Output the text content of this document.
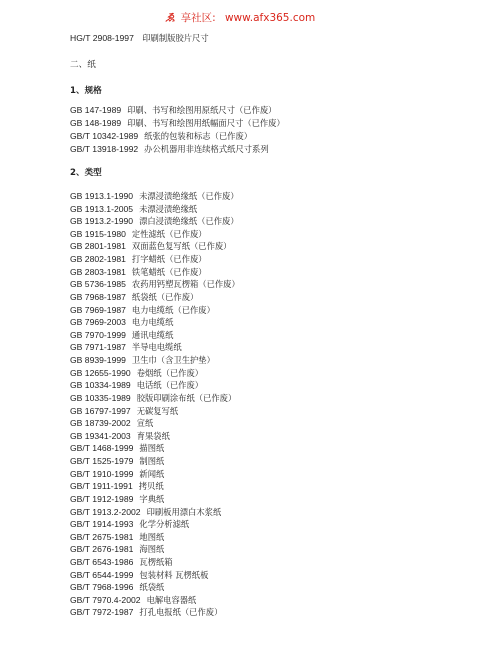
ゑ 享社区: www.afx365.com
HG/T 2908-1997 印刷制版胶片尺寸
二、纸
1、规格
GB 147-1989 印刷、书写和绘图用原纸尺寸（已作废）
GB 148-1989 印刷、书写和绘图用纸幅面尺寸（已作废）
GB/T 10342-1989 纸张的包装和标志（已作废）
GB/T 13918-1992 办公机器用非连续格式纸尺寸系列
2、类型
GB 1913.1-1990 未漂浸渍绝缘纸（已作废）
GB 1913.1-2005 未漂浸渍绝缘纸
GB 1913.2-1990 漂白浸渍绝缘纸（已作废）
GB 1915-1980 定性滤纸（已作废）
GB 2801-1981 双面蓝色复写纸（已作废）
GB 2802-1981 打字蜡纸（已作废）
GB 2803-1981 铁笔蜡纸（已作废）
GB 5736-1985 农药用钙塑瓦楞箱（已作废）
GB 7968-1987 纸袋纸（已作废）
GB 7969-1987 电力电缆纸（已作废）
GB 7969-2003 电力电缆纸
GB 7970-1999 通讯电缆纸
GB 7971-1987 半导电电缆纸
GB 8939-1999 卫生巾（含卫生护垫）
GB 12655-1990 卷烟纸（已作废）
GB 10334-1989 电话纸（已作废）
GB 10335-1989 胶版印刷涂布纸（已作废）
GB 16797-1997 无碳复写纸
GB 18739-2002 宣纸
GB 19341-2003 育果袋纸
GB/T 1468-1999 描图纸
GB/T 1525-1979 制图纸
GB/T 1910-1999 新闻纸
GB/T 1911-1991 拷贝纸
GB/T 1912-1989 字典纸
GB/T 1913.2-2002 印刷板用漂白木浆纸
GB/T 1914-1993 化学分析滤纸
GB/T 2675-1981 地图纸
GB/T 2676-1981 海图纸
GB/T 6543-1986 瓦楞纸箱
GB/T 6544-1999 包装材料 瓦楞纸板
GB/T 7968-1996 纸袋纸
GB/T 7970.4-2002 电解电容器纸
GB/T 7972-1987 打孔电报纸（已作废）
